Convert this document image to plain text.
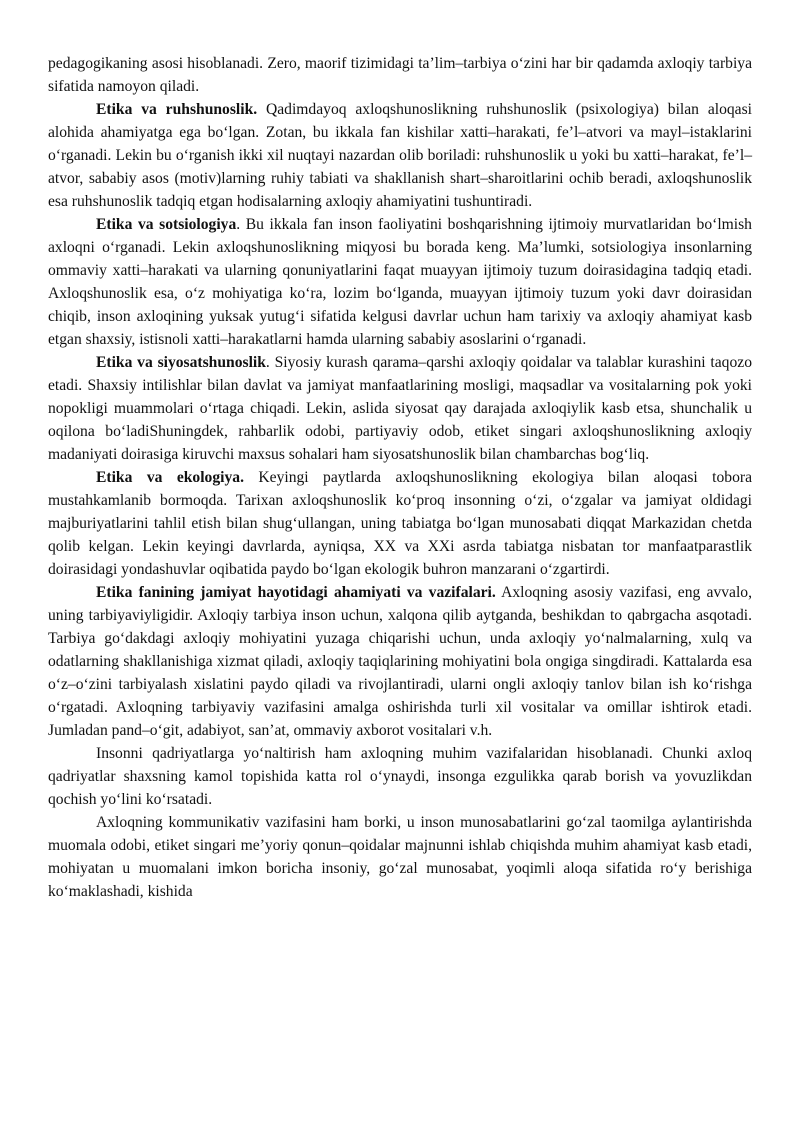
pedagogikaning asosi hisoblanadi. Zero, maorif tizimidagi ta’lim–tarbiya o‘zini har bir qadamda axloqiy tarbiya sifatida namoyon qiladi.

Etika va ruhshunoslik. Qadimdayoq axloqshunoslikning ruhshunoslik (psixologiya) bilan aloqasi alohida ahamiyatga ega bo‘lgan. Zotan, bu ikkala fan kishilar xatti–harakati, fe’l–atvori va mayl–istaklarini o‘rganadi. Lekin bu o‘rganish ikki xil nuqtayi nazardan olib boriladi: ruhshunoslik u yoki bu xatti–harakat, fe’l–atvor, sababiy asos (motiv)larning ruhiy tabiati va shakllanish shart–sharoitlarini ochib beradi, axloqshunoslik esa ruhshunoslik tadqiq etgan hodisalarning axloqiy ahamiyatini tushuntiradi.

Etika va sotsiologiya. Bu ikkala fan inson faoliyatini boshqarishning ijtimoiy murvatlaridan bo‘lmish axloqni o‘rganadi. Lekin axloqshunoslikning miqyosi bu borada keng. Ma’lumki, sotsiologiya insonlarning ommaviy xatti–harakati va ularning qonuniyatlarini faqat muayyan ijtimoiy tuzum doirasidagina tadqiq etadi. Axloqshunoslik esa, o‘z mohiyatiga ko‘ra, lozim bo‘lganda, muayyan ijtimoiy tuzum yoki davr doirasidan chiqib, inson axloqining yuksak yutug‘i sifatida kelgusi davrlar uchun ham tarixiy va axloqiy ahamiyat kasb etgan shaxsiy, istisnoli xatti–harakatlarni hamda ularning sababiy asoslarini o‘rganadi.

Etika va siyosatshunoslik. Siyosiy kurash qarama–qarshi axloqiy qoidalar va talablar kurashini taqozo etadi. Shaxsiy intilishlar bilan davlat va jamiyat manfaatlarining mosligi, maqsadlar va vositalarning pok yoki nopokligi muammolari o‘rtaga chiqadi. Lekin, aslida siyosat qay darajada axloqiylik kasb etsa, shunchalik u oqilona bo‘ladiShuningdek, rahbarlik odobi, partiyaviy odob, etiket singari axloqshunoslikning axloqiy madaniyati doirasiga kiruvchi maxsus sohalari ham siyosatshunoslik bilan chambarchas bog‘liq.

Etika va ekologiya. Keyingi paytlarda axloqshunoslikning ekologiya bilan aloqasi tobora mustahkamlanib bormoqda. Tarixan axloqshunoslik ko‘proq insonning o‘zi, o‘zgalar va jamiyat oldidagi majburiyatlarini tahlil etish bilan shug‘ullangan, uning tabiatga bo‘lgan munosabati diqqat Markazidan chetda qolib kelgan. Lekin keyingi davrlarda, ayniqsa, XX va XXi asrda tabiatga nisbatan tor manfaatparastlik doirasidagi yondashuvlar oqibatida paydo bo‘lgan ekologik buhron manzarani o‘zgartirdi.

Etika fanining jamiyat hayotidagi ahamiyati va vazifalari. Axloqning asosiy vazifasi, eng avvalo, uning tarbiyaviyligidir. Axloqiy tarbiya inson uchun, xalqona qilib aytganda, beshikdan to qabrgacha asqotadi. Tarbiya go‘dakdagi axloqiy mohiyatini yuzaga chiqarishi uchun, unda axloqiy yo‘nalmalarning, xulq va odatlarning shakllanishiga xizmat qiladi, axloqiy taqiqlarining mohiyatini bola ongiga singdiradi. Kattalarda esa o‘z–o‘zini tarbiyalash xislatini paydo qiladi va rivojlantiradi, ularni ongli axloqiy tanlov bilan ish ko‘rishga o‘rgatadi. Axloqning tarbiyaviy vazifasini amalga oshirishda turli xil vositalar va omillar ishtirok etadi. Jumladan pand–o‘git, adabiyot, san’at, ommaviy axborot vositalari v.h.

Insonni qadriyatlarga yo‘naltirish ham axloqning muhim vazifalaridan hisoblanadi. Chunki axloq qadriyatlar shaxsning kamol topishida katta rol o‘ynaydi, insonga ezgulikka qarab borish va yovuzlikdan qochish yo‘lini ko‘rsatadi.

Axloqning kommunikativ vazifasini ham borki, u inson munosabatlarini go‘zal taomilga aylantirishda muomala odobi, etiket singari me’yoriy qonun–qoidalar majnunni ishlab chiqishda muhim ahamiyat kasb etadi, mohiyatan u muomalani imkon boricha insoniy, go‘zal munosabat, yoqimli aloqa sifatida ro‘y berishiga ko‘maklashadi, kishida
